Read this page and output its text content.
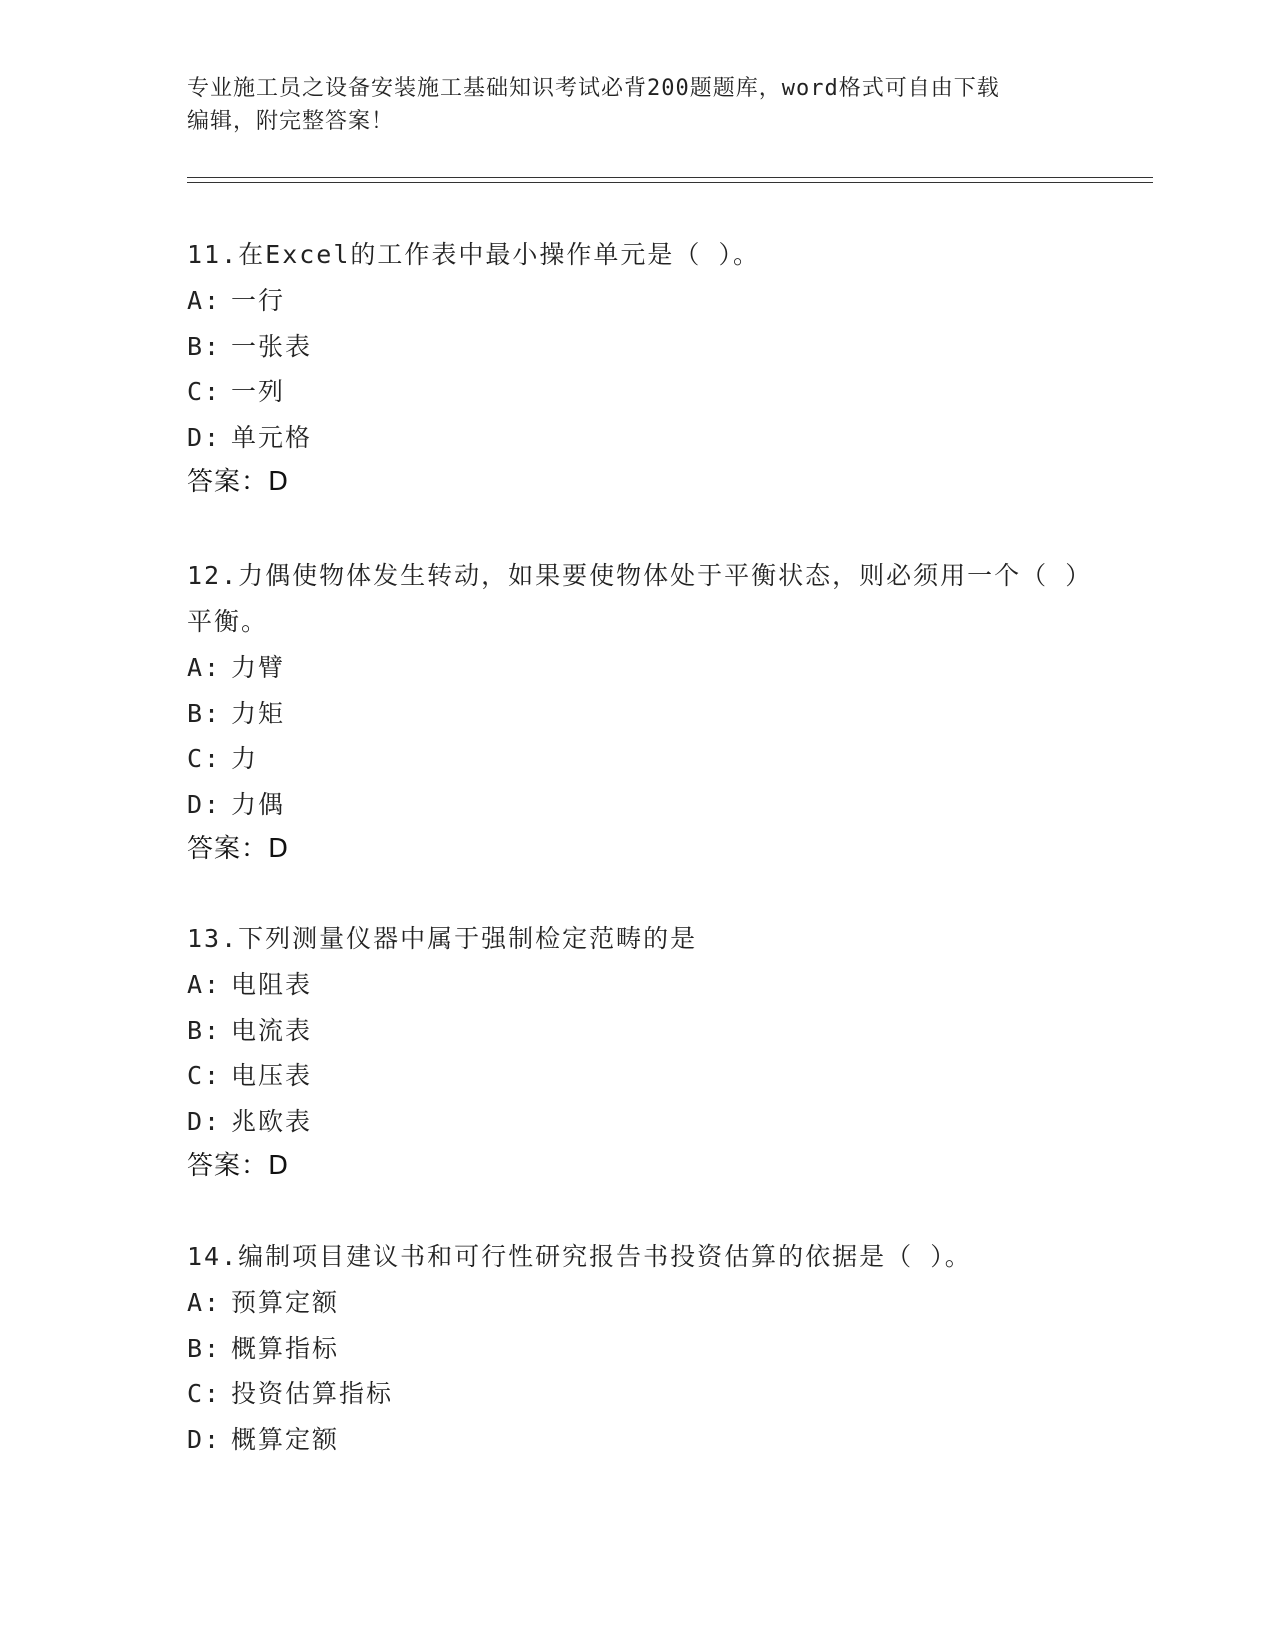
专业施工员之设备安装施工基础知识考试必背200题题库，word格式可自由下载
编辑，附完整答案！

11.在Excel的工作表中最小操作单元是（ ）。

A: 一行

B: 一张表

C: 一列

D: 单元格

答案：D

12.力偶使物体发生转动，如果要使物体处于平衡状态，则必须用一个（ ）平衡。

A: 力臂

B: 力矩

C: 力

D: 力偶

答案：D

13.下列测量仪器中属于强制检定范畴的是

A: 电阻表

B: 电流表

C: 电压表

D: 兆欧表

答案：D

14.编制项目建议书和可行性研究报告书投资估算的依据是（ ）。

A: 预算定额

B: 概算指标

C: 投资估算指标

D: 概算定额
